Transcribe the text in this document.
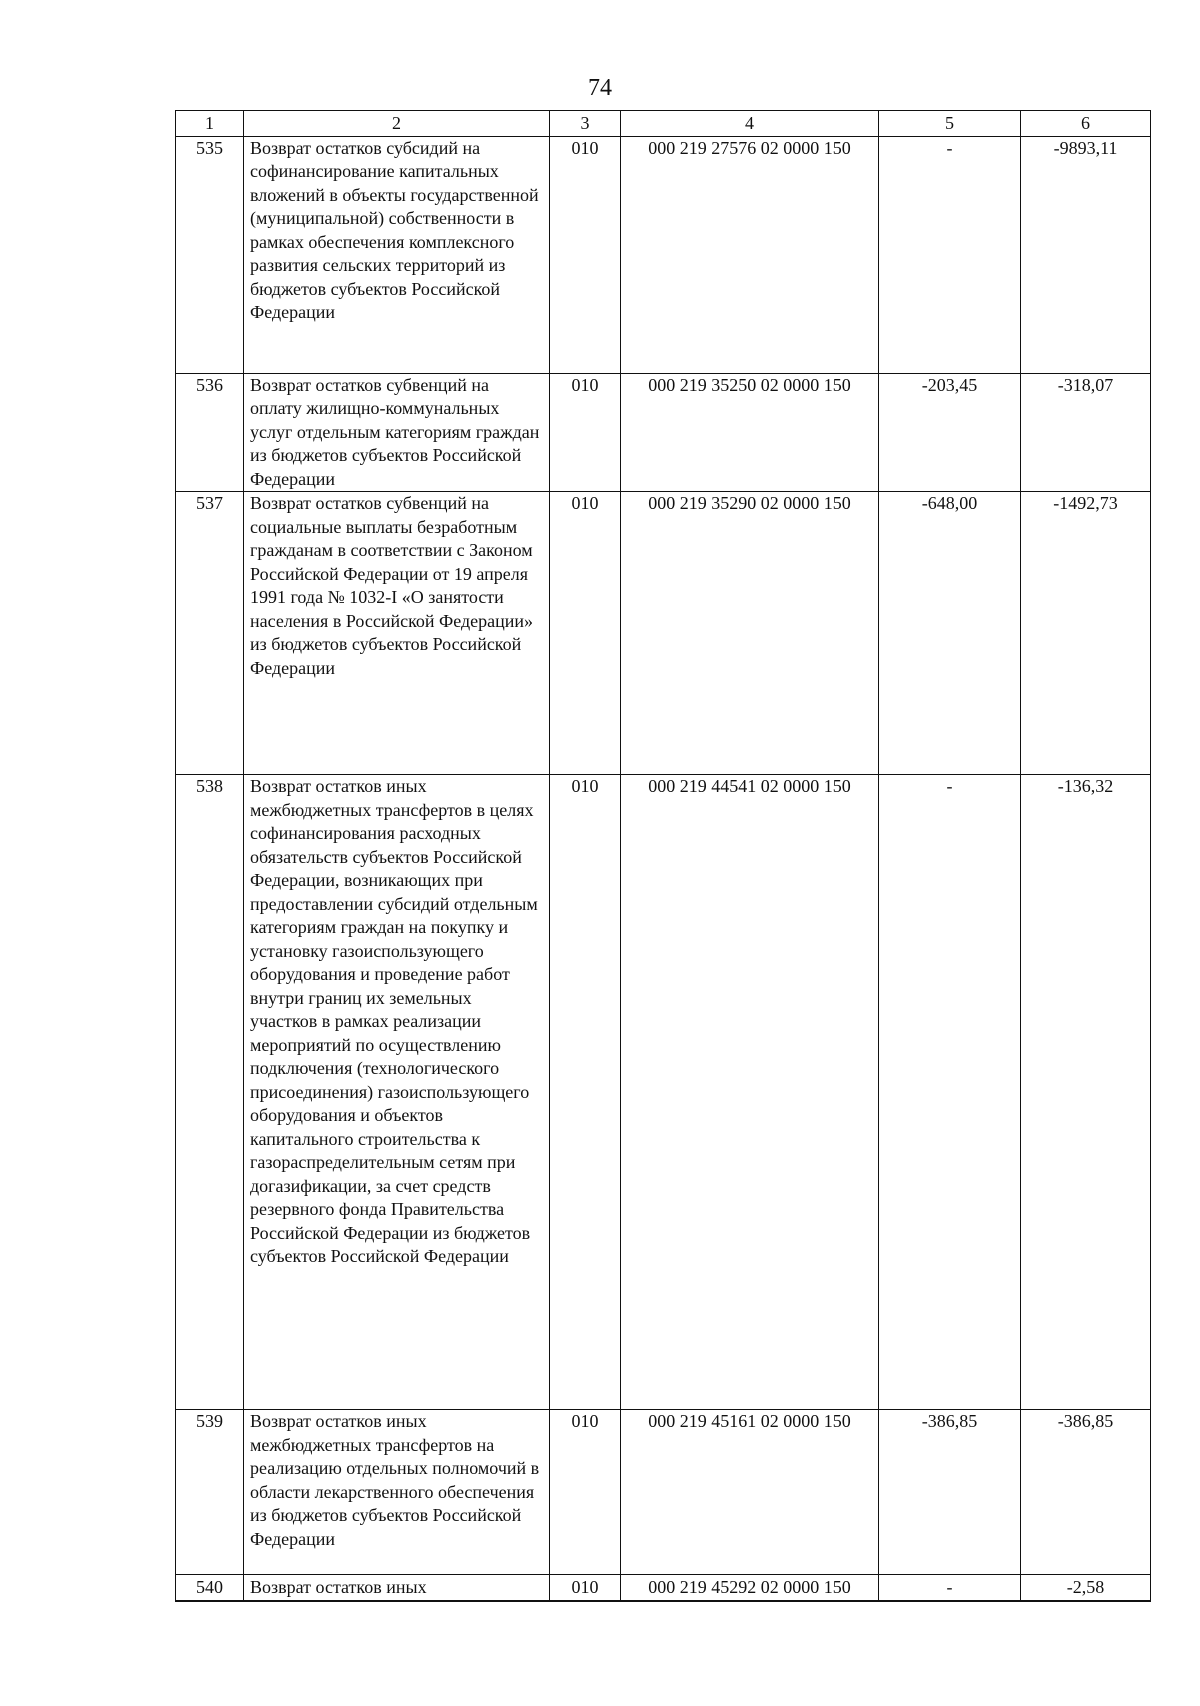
74
1	2	3	4	5	6
535	Возврат остатков субсидий на софинансирование капитальных вложений в объекты государственной (муниципальной) собственности в рамках обеспечения комплексного развития сельских территорий из бюджетов субъектов Российской Федерации	010	000 219 27576 02 0000 150	-	-9893,11
536	Возврат остатков субвенций на оплату жилищно-коммунальных услуг отдельным категориям граждан из бюджетов субъектов Российской Федерации	010	000 219 35250 02 0000 150	-203,45	-318,07
537	Возврат остатков субвенций на социальные выплаты безработным гражданам в соответствии с Законом Российской Федерации от 19 апреля 1991 года № 1032-I «О занятости населения в Российской Федерации» из бюджетов субъектов Российской Федерации	010	000 219 35290 02 0000 150	-648,00	-1492,73
538	Возврат остатков иных межбюджетных трансфертов в целях софинансирования расходных обязательств субъектов Российской Федерации, возникающих при предоставлении субсидий отдельным категориям граждан на покупку и установку газоиспользующего оборудования и проведение работ внутри границ их земельных участков в рамках реализации мероприятий по осуществлению подключения (технологического присоединения) газоиспользующего оборудования и объектов капитального строительства к газораспределительным сетям при догазификации, за счет средств резервного фонда Правительства Российской Федерации из бюджетов субъектов Российской Федерации	010	000 219 44541 02 0000 150	-	-136,32
539	Возврат остатков иных межбюджетных трансфертов на реализацию отдельных полномочий в области лекарственного обеспечения из бюджетов субъектов Российской Федерации	010	000 219 45161 02 0000 150	-386,85	-386,85
540	Возврат остатков иных	010	000 219 45292 02 0000 150	-	-2,58
